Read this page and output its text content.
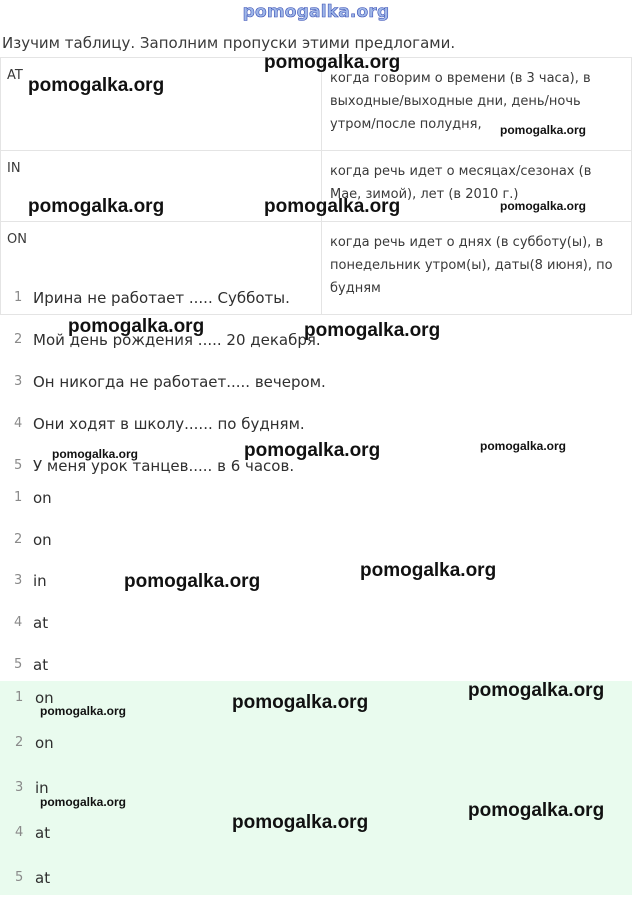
pomogalka.org
Изучим таблицу. Заполним пропуски этими предлогами.
AT	когда говорим о времени (в 3 часа), в
выходные/выходные дни, день/ночь
утром/после полудня,

IN	когда речь идет о месяцах/сезонах (в
Мае, зимой), лет (в 2010 г.)

ON	когда речь идет о днях (в субботу(ы), в
понедельник утром(ы), даты(8 июня), по
будням
1 Ирина не работает ..... Субботы.
2 Мой день рождения ..... 20 декабря.
3 Он никогда не работает..... вечером.
4 Они ходят в школу...... по будням.
5 У меня урок танцев..... в 6 часов.
1 on
2 on
3 in
4 at
5 at
1 on
2 on
3 in
4 at
5 at
pomogalka.org
pomogalka.org
pomogalka.org
pomogalka.org	pomogalka.org	pomogalka.org
pomogalka.org	pomogalka.org
pomogalka.org	pomogalka.org	pomogalka.org
pomogalka.org
pomogalka.org
pomogalka.org
pomogalka.org
pomogalka.org
pomogalka.org	pomogalka.org
pomogalka.org
